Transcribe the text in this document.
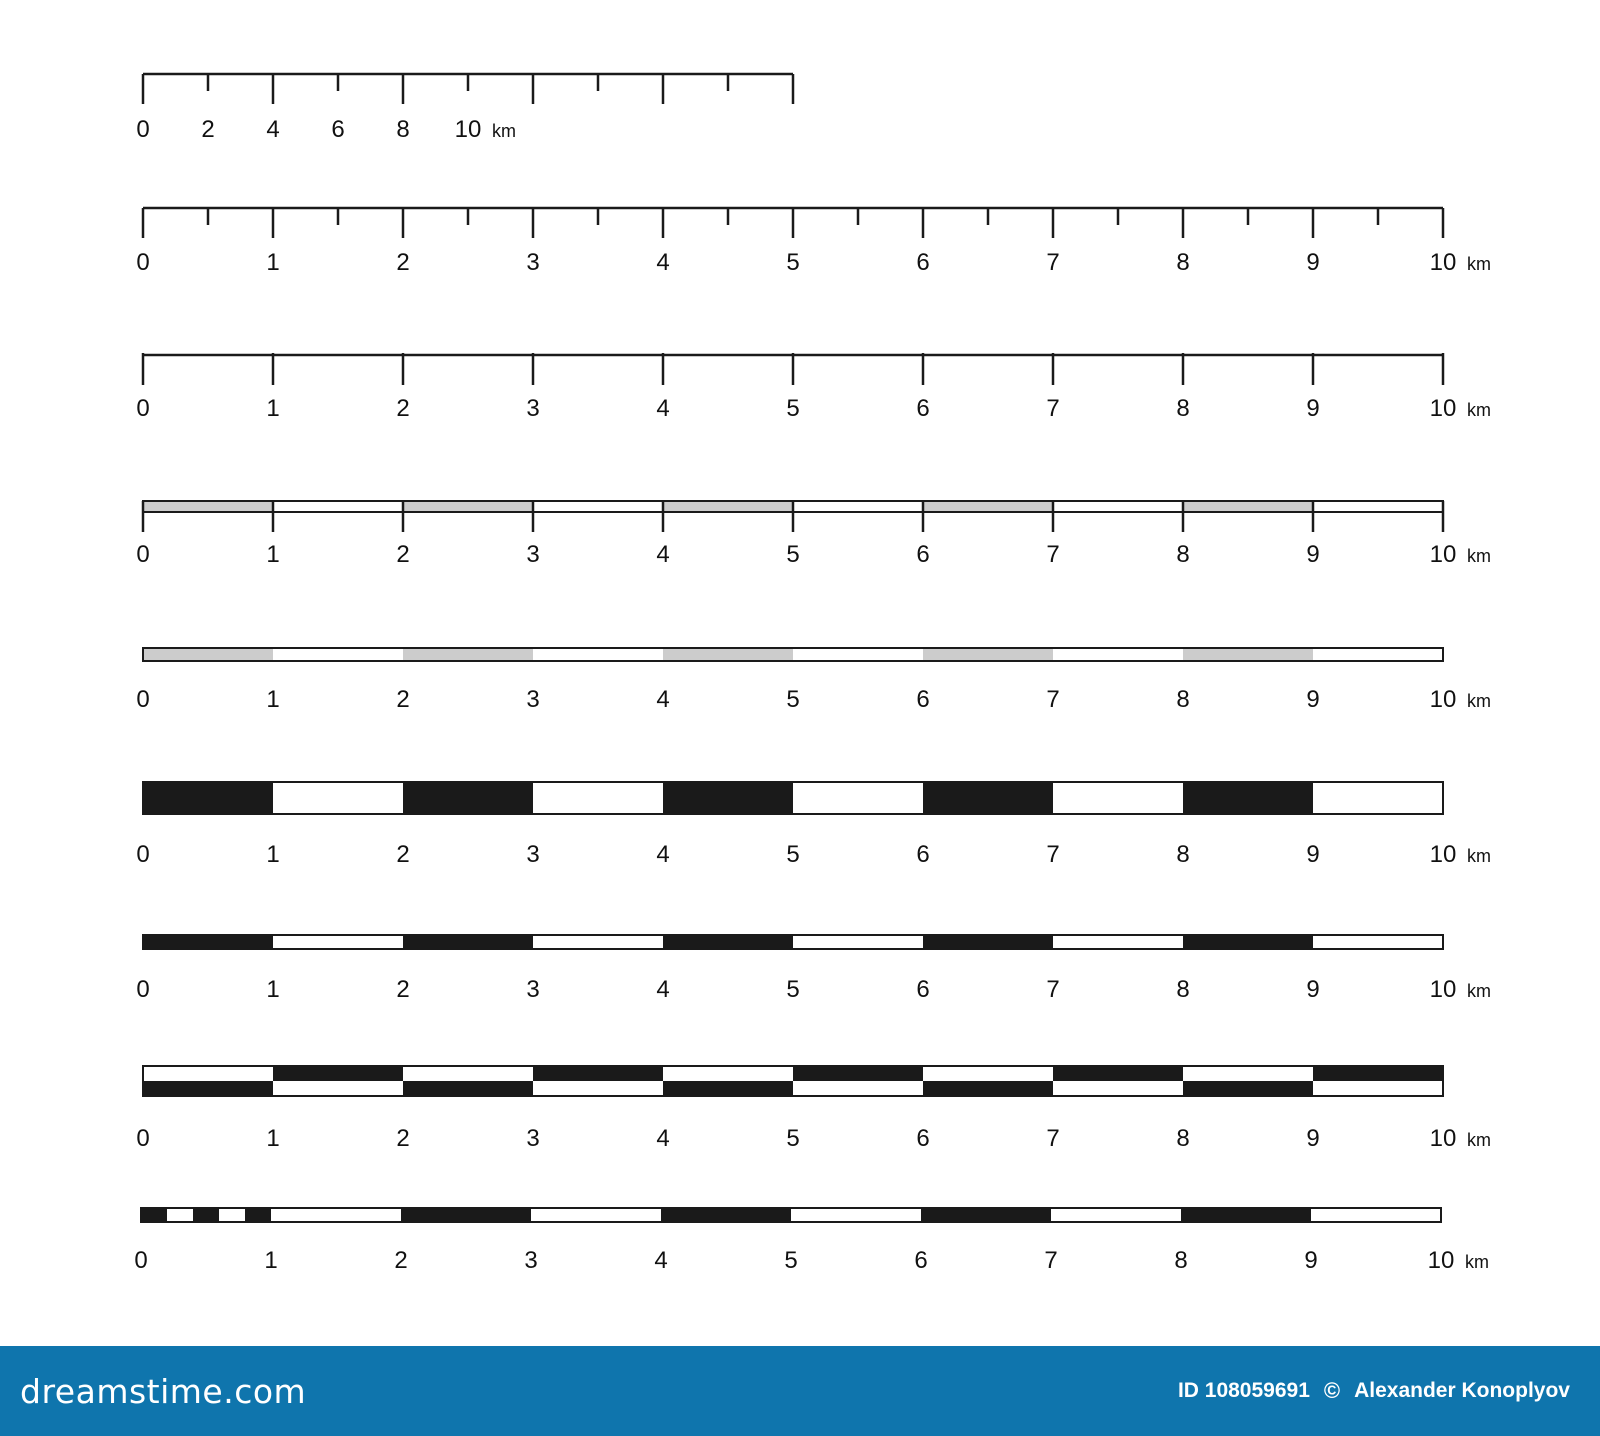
0 2 4 6 8 10 km
0	1	2	3	4	5	6	7	8	9	10 km
0	1	2	3	4	5	6	7	8	9	10 km
0	1	2	3	4	5	6	7	8	9	10 km
0	1	2	3	4	5	6	7	8	9	10 km
0	1	2	3	4	5	6	7	8	9	10 km
0	1	2	3	4	5	6	7	8	9	10 km
0	1	2	3	4	5	6	7	8	9	10 km
0	1	2	3	4	5	6	7	8	9	10 km
dreamstime.com	ID 108059691 © Alexander Konoplyov
